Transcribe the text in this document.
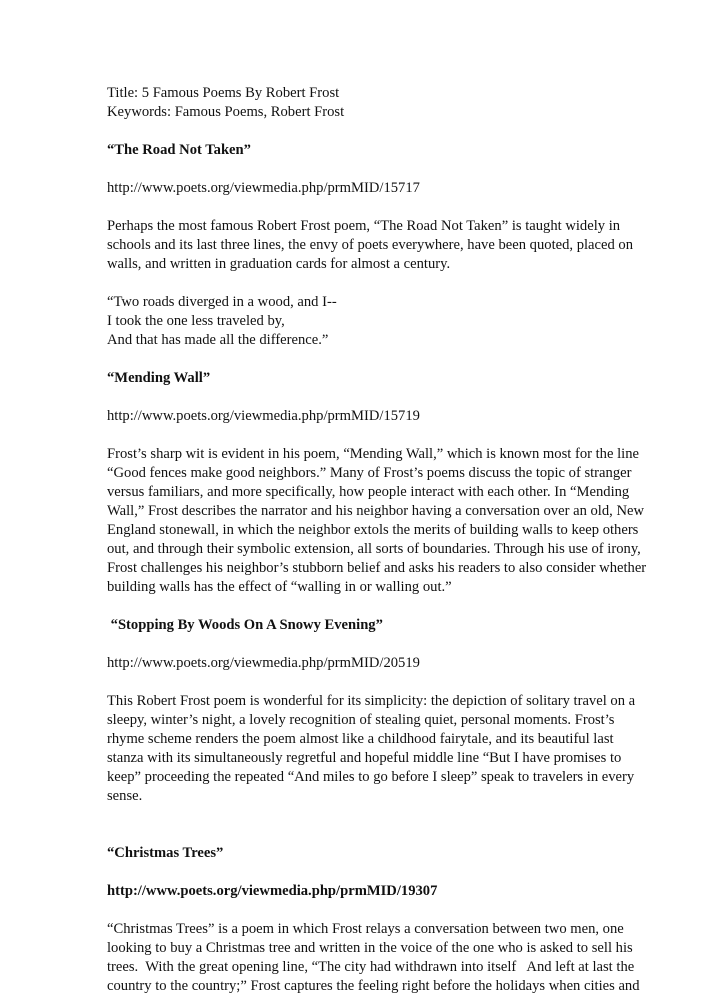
Title: 5 Famous Poems By Robert Frost
Keywords: Famous Poems, Robert Frost
“The Road Not Taken”
http://www.poets.org/viewmedia.php/prmMID/15717
Perhaps the most famous Robert Frost poem, “The Road Not Taken” is taught widely in
schools and its last three lines, the envy of poets everywhere, have been quoted, placed on
walls, and written in graduation cards for almost a century.
“Two roads diverged in a wood, and I--
I took the one less traveled by,
And that has made all the difference.”
“Mending Wall”
http://www.poets.org/viewmedia.php/prmMID/15719
Frost’s sharp wit is evident in his poem, “Mending Wall,” which is known most for the line
“Good fences make good neighbors.” Many of Frost’s poems discuss the topic of stranger
versus familiars, and more specifically, how people interact with each other. In “Mending
Wall,” Frost describes the narrator and his neighbor having a conversation over an old, New
England stonewall, in which the neighbor extols the merits of building walls to keep others
out, and through their symbolic extension, all sorts of boundaries. Through his use of irony,
Frost challenges his neighbor’s stubborn belief and asks his readers to also consider whether
building walls has the effect of “walling in or walling out.”
“Stopping By Woods On A Snowy Evening”
http://www.poets.org/viewmedia.php/prmMID/20519
This Robert Frost poem is wonderful for its simplicity: the depiction of solitary travel on a
sleepy, winter’s night, a lovely recognition of stealing quiet, personal moments. Frost’s
rhyme scheme renders the poem almost like a childhood fairytale, and its beautiful last
stanza with its simultaneously regretful and hopeful middle line “But I have promises to
keep” proceeding the repeated “And miles to go before I sleep” speak to travelers in every
sense.
“Christmas Trees”
http://www.poets.org/viewmedia.php/prmMID/19307
“Christmas Trees” is a poem in which Frost relays a conversation between two men, one
looking to buy a Christmas tree and written in the voice of the one who is asked to sell his
trees.  With the great opening line, “The city had withdrawn into itself   And left at last the
country to the country;” Frost captures the feeling right before the holidays when cities and
